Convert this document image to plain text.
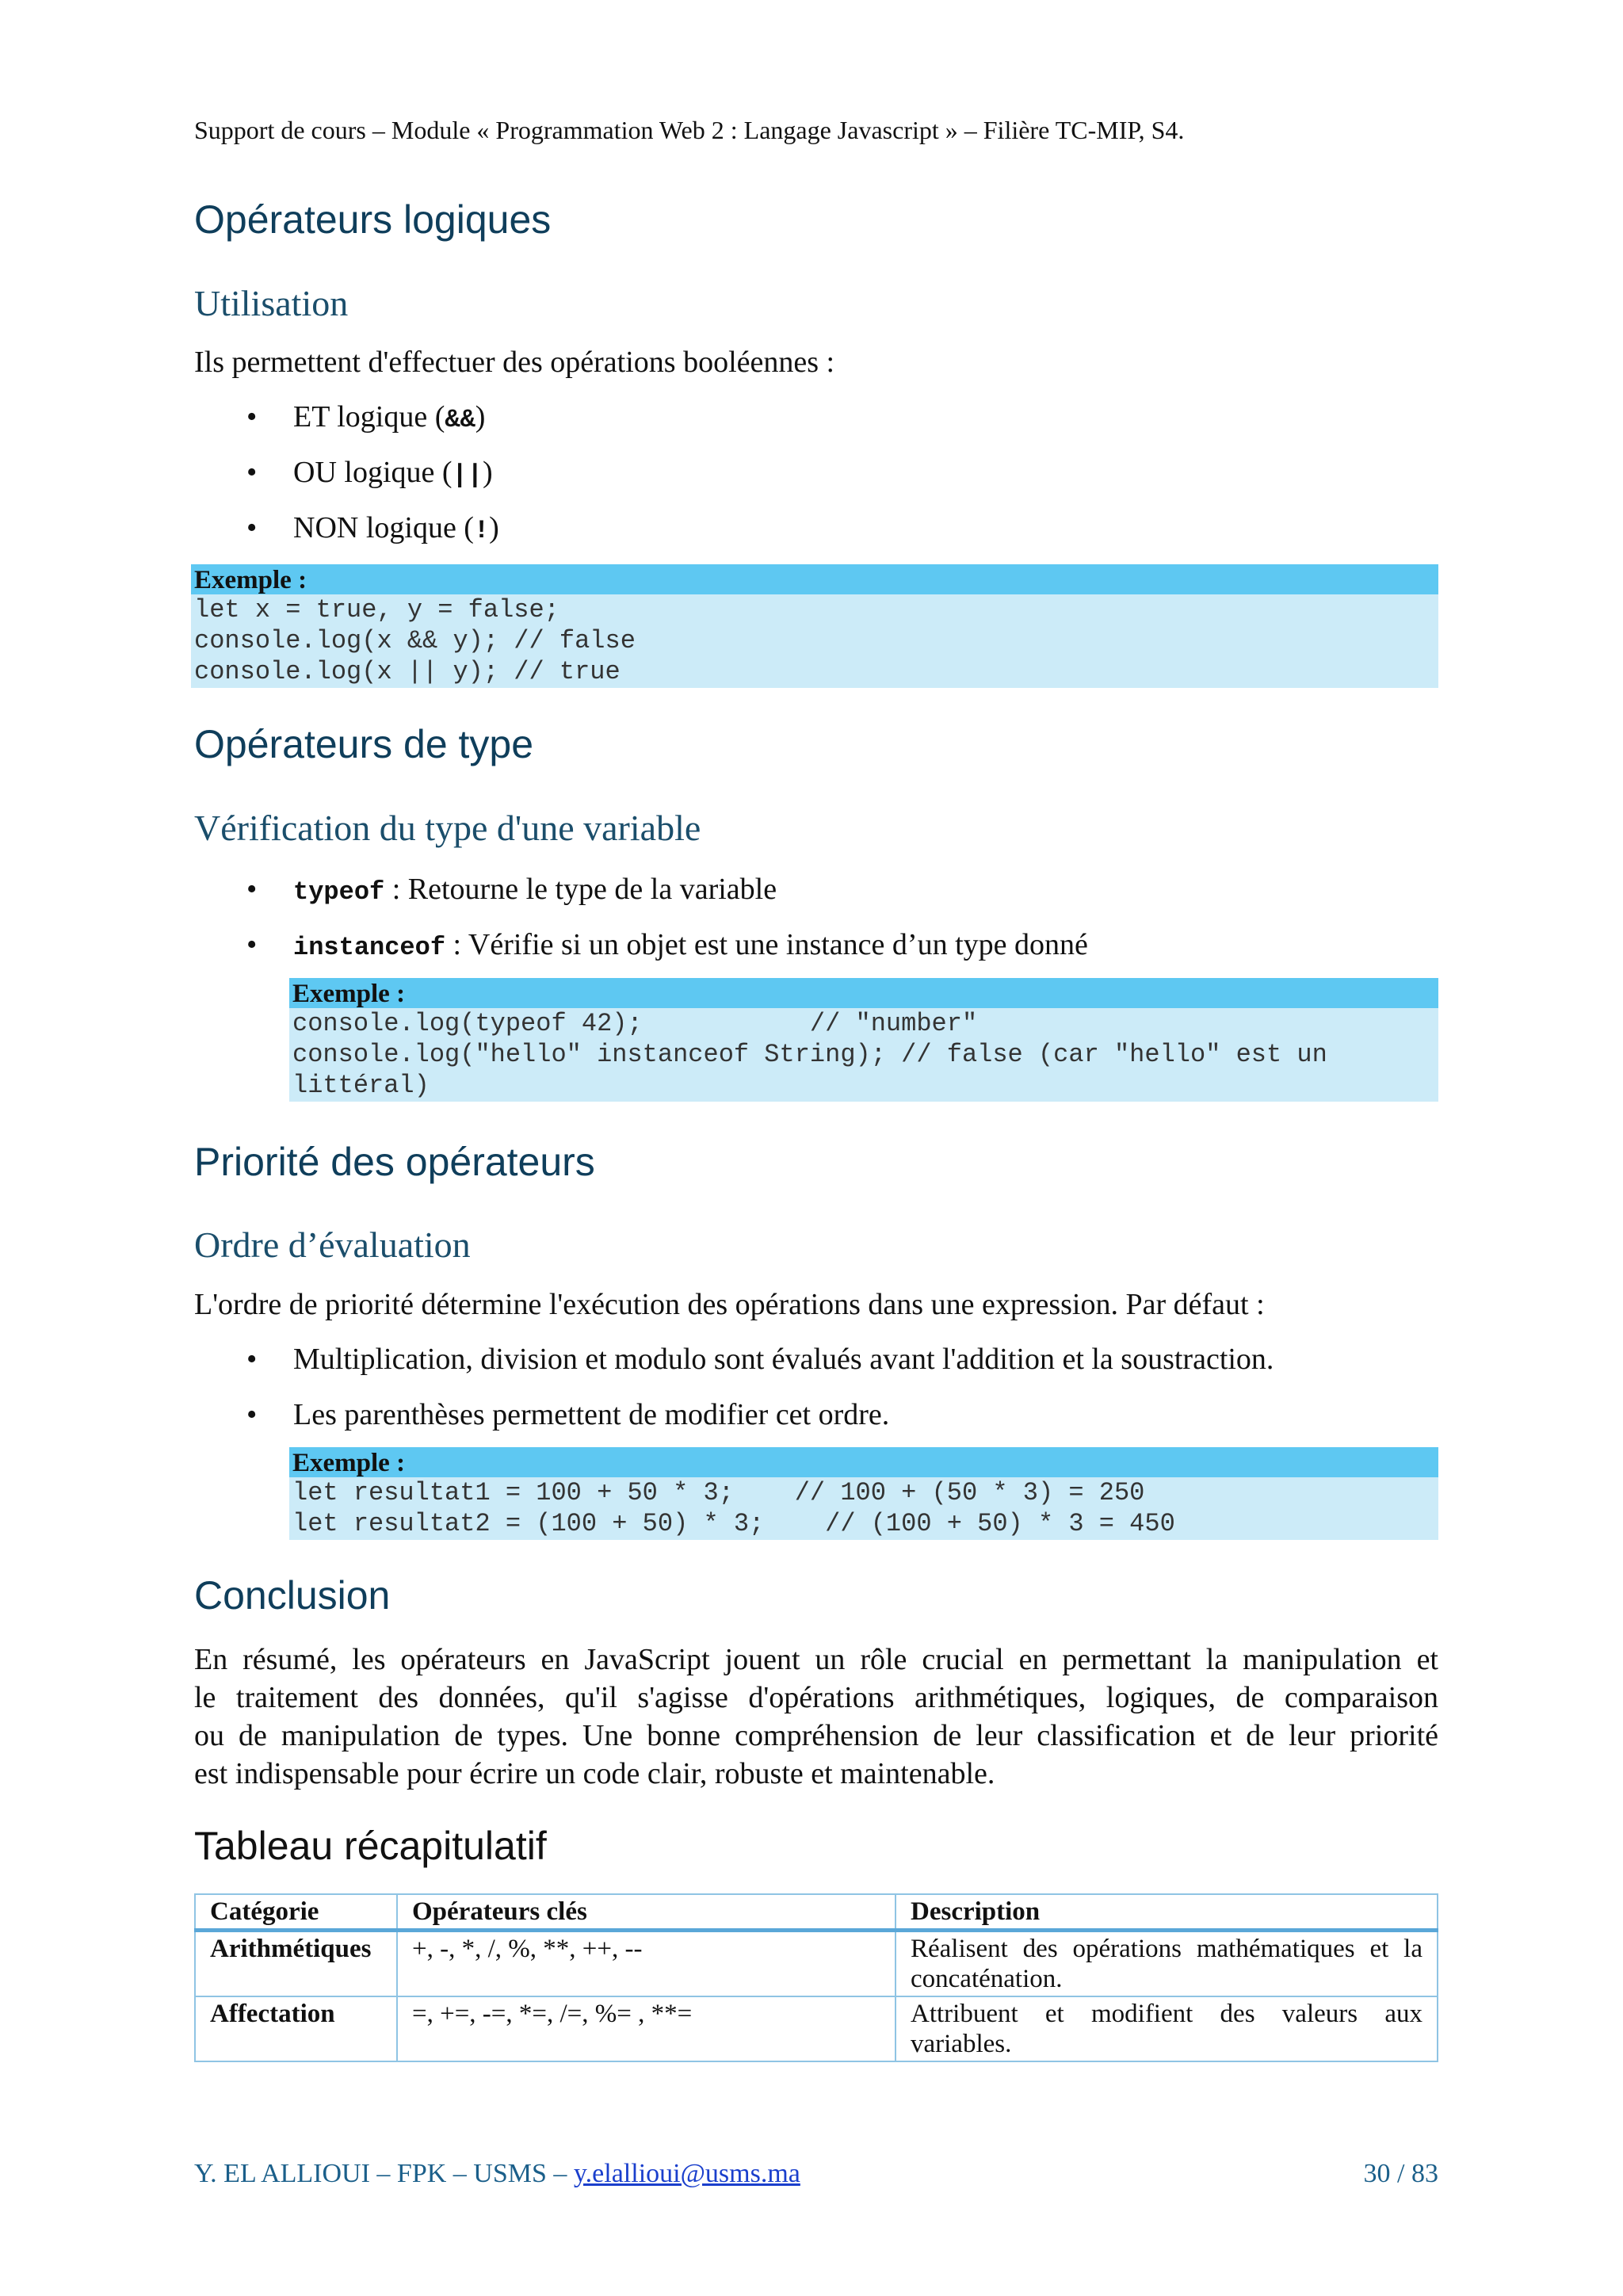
Support de cours – Module « Programmation Web 2 : Langage Javascript » – Filière TC-MIP, S4.
Opérateurs logiques
Utilisation
Ils permettent d'effectuer des opérations booléennes :
• ET logique (&&)
• OU logique (||)
• NON logique (!)
Exemple :
let x = true, y = false;
console.log(x && y); // false
console.log(x || y); // true
Opérateurs de type
Vérification du type d'une variable
• typeof : Retourne le type de la variable
• instanceof : Vérifie si un objet est une instance d’un type donné
Exemple :
console.log(typeof 42);           // "number"
console.log("hello" instanceof String); // false (car "hello" est un
littéral)
Priorité des opérateurs
Ordre d’évaluation
L'ordre de priorité détermine l'exécution des opérations dans une expression. Par défaut :
• Multiplication, division et modulo sont évalués avant l'addition et la soustraction.
• Les parenthèses permettent de modifier cet ordre.
Exemple :
let resultat1 = 100 + 50 * 3;    // 100 + (50 * 3) = 250
let resultat2 = (100 + 50) * 3;    // (100 + 50) * 3 = 450
Conclusion
En résumé, les opérateurs en JavaScript jouent un rôle crucial en permettant la manipulation et
le traitement des données, qu'il s'agisse d'opérations arithmétiques, logiques, de comparaison
ou de manipulation de types. Une bonne compréhension de leur classification et de leur priorité
est indispensable pour écrire un code clair, robuste et maintenable.
Tableau récapitulatif
Catégorie	Opérateurs clés	Description
Arithmétiques	+, -, *, /, %, **, ++, --	Réalisent des opérations mathématiques et la concaténation.
Affectation	=, +=, -=, *=, /=, %= , **=	Attribuent et modifient des valeurs aux variables.
Y. EL ALLIOUI – FPK – USMS – y.elallioui@usms.ma	30 / 83
